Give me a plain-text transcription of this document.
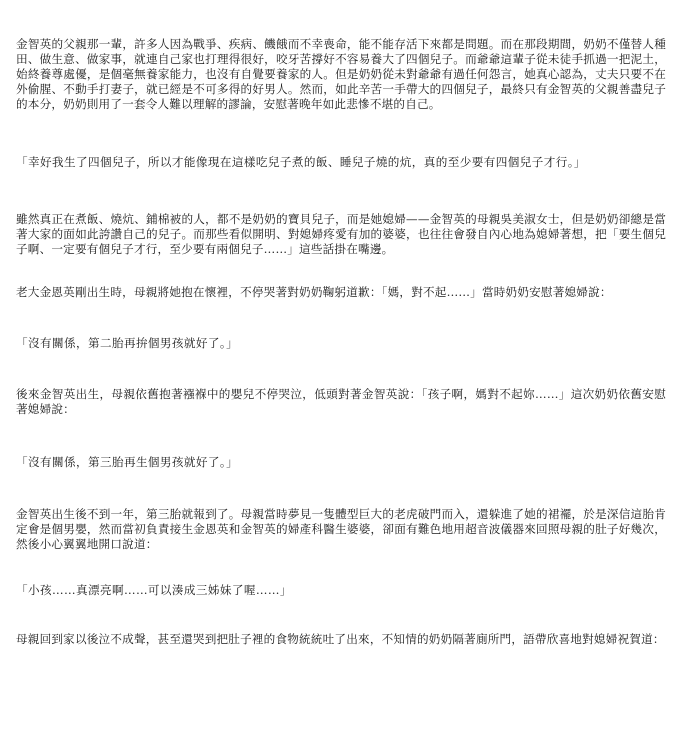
金智英的父親那一輩，許多人因為戰爭、疾病、饑餓而不幸喪命，能不能存活下來都是問題。而在那段期間，奶奶不僅替人種田、做生意、做家事，就連自己家也打理得很好，咬牙苦撐好不容易養大了四個兒子。而爺爺這輩子從未徒手抓過一把泥土，始終養尊處優，是個毫無養家能力，也沒有自覺要養家的人。但是奶奶從未對爺爺有過任何怨言，她真心認為，丈夫只要不在外偷腥、不動手打妻子，就已經是不可多得的好男人。然而，如此辛苦一手帶大的四個兒子，最終只有金智英的父親善盡兒子的本分，奶奶則用了一套令人難以理解的謬論，安慰著晚年如此悲慘不堪的自己。

「幸好我生了四個兒子，所以才能像現在這樣吃兒子煮的飯、睡兒子燒的炕，真的至少要有四個兒子才行。」

雖然真正在煮飯、燒炕、鋪棉被的人，都不是奶奶的寶貝兒子，而是她媳婦——金智英的母親吳美淑女士，但是奶奶卻總是當著大家的面如此誇讚自己的兒子。而那些看似開明、對媳婦疼愛有加的婆婆，也往往會發自內心地為媳婦著想，把「要生個兒子啊、一定要有個兒子才行，至少要有兩個兒子……」這些話掛在嘴邊。

老大金恩英剛出生時，母親將她抱在懷裡，不停哭著對奶奶鞠躬道歉：「媽，對不起……」當時奶奶安慰著媳婦說：

「沒有關係，第二胎再拚個男孩就好了。」

後來金智英出生，母親依舊抱著襁褓中的嬰兒不停哭泣，低頭對著金智英說：「孩子啊，媽對不起妳……」這次奶奶依舊安慰著媳婦說：

「沒有關係，第三胎再生個男孩就好了。」

金智英出生後不到一年，第三胎就報到了。母親當時夢見一隻體型巨大的老虎破門而入，還躲進了她的裙襬，於是深信這胎肯定會是個男嬰，然而當初負責接生金恩英和金智英的婦產科醫生婆婆，卻面有難色地用超音波儀器來回照母親的肚子好幾次，然後小心翼翼地開口說道：

「小孩……真漂亮啊……可以湊成三姊妹了喔……」

母親回到家以後泣不成聲，甚至還哭到把肚子裡的食物統統吐了出來，不知情的奶奶隔著廁所門，語帶欣喜地對媳婦祝賀道：
